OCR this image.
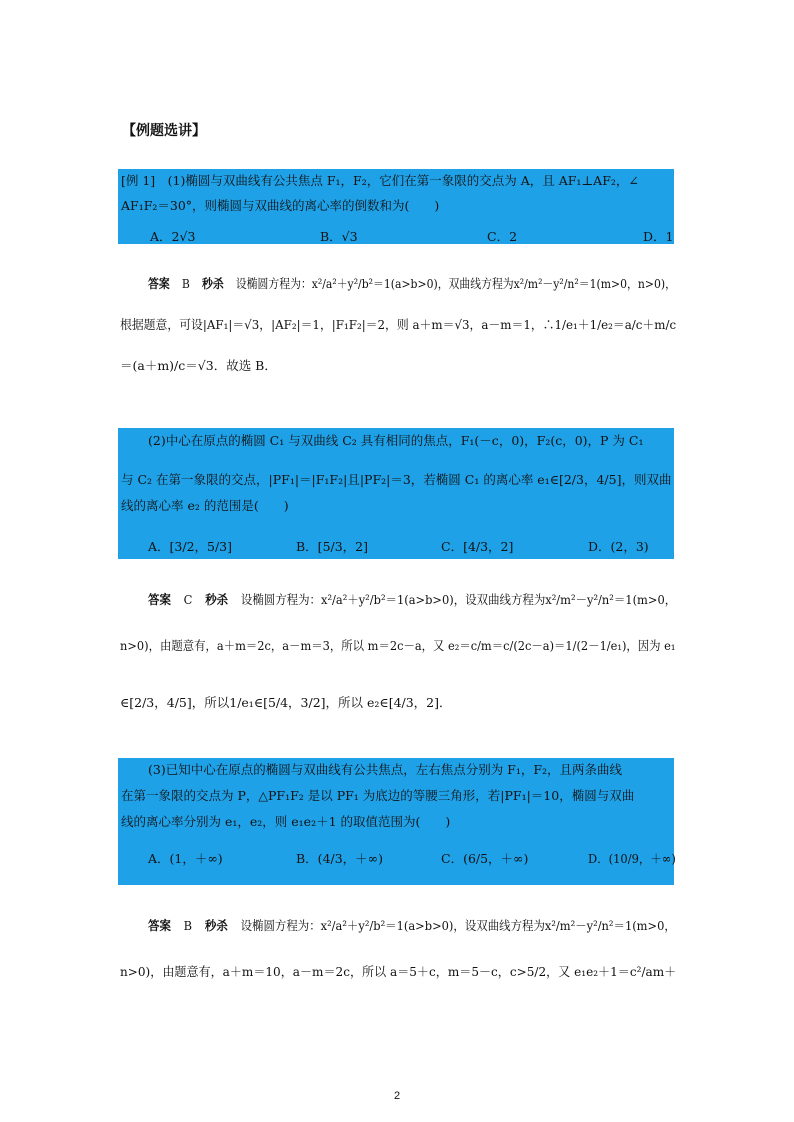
【例题选讲】
[例 1]　(1)椭圆与双曲线有公共焦点 F₁，F₂，它们在第一象限的交点为 A，且 AF₁⊥AF₂，∠
AF₁F₂＝30°，则椭圆与双曲线的离心率的倒数和为(　　)
A．2√3	B．√3	C．2	D．1
答案 B 秒杀 设椭圆方程为：x²/a²＋y²/b²＝1(a>b>0)，双曲线方程为x²/m²－y²/n²＝1(m>0，n>0)，
根据题意，可设|AF₁|＝√3，|AF₂|＝1，|F₁F₂|＝2，则 a＋m＝√3，a－m＝1，∴1/e₁＋1/e₂＝a/c＋m/c
＝(a＋m)/c＝√3．故选 B．
(2)中心在原点的椭圆 C₁ 与双曲线 C₂ 具有相同的焦点，F₁(－c，0)，F₂(c，0)，P 为 C₁
与 C₂ 在第一象限的交点，|PF₁|＝|F₁F₂|且|PF₂|＝3，若椭圆 C₁ 的离心率 e₁∈[2/3，4/5]，则双曲
线的离心率 e₂ 的范围是(　　)
A．[3/2，5/3]	B．[5/3，2]	C．[4/3，2]	D．(2，3)
答案 C 秒杀 设椭圆方程为：x²/a²＋y²/b²＝1(a>b>0)，设双曲线方程为x²/m²－y²/n²＝1(m>0，
n>0)，由题意有，a＋m＝2c，a－m＝3，所以 m＝2c－a，又 e₂＝c/m＝c/(2c－a)＝1/(2－1/e₁)，因为 e₁
∈[2/3，4/5]，所以1/e₁∈[5/4，3/2]，所以 e₂∈[4/3，2]．
(3)已知中心在原点的椭圆与双曲线有公共焦点，左右焦点分别为 F₁，F₂，且两条曲线
在第一象限的交点为 P，△PF₁F₂ 是以 PF₁ 为底边的等腰三角形，若|PF₁|＝10，椭圆与双曲
线的离心率分别为 e₁，e₂，则 e₁e₂＋1 的取值范围为(　　)
A．(1，＋∞)	B．(4/3，＋∞)	C．(6/5，＋∞)	D．(10/9，＋∞)
答案 B 秒杀 设椭圆方程为：x²/a²＋y²/b²＝1(a>b>0)，设双曲线方程为x²/m²－y²/n²＝1(m>0，
n>0)，由题意有，a＋m＝10，a－m＝2c，所以 a＝5＋c，m＝5－c，c>5/2，又 e₁e₂＋1＝c²/am＋
2
